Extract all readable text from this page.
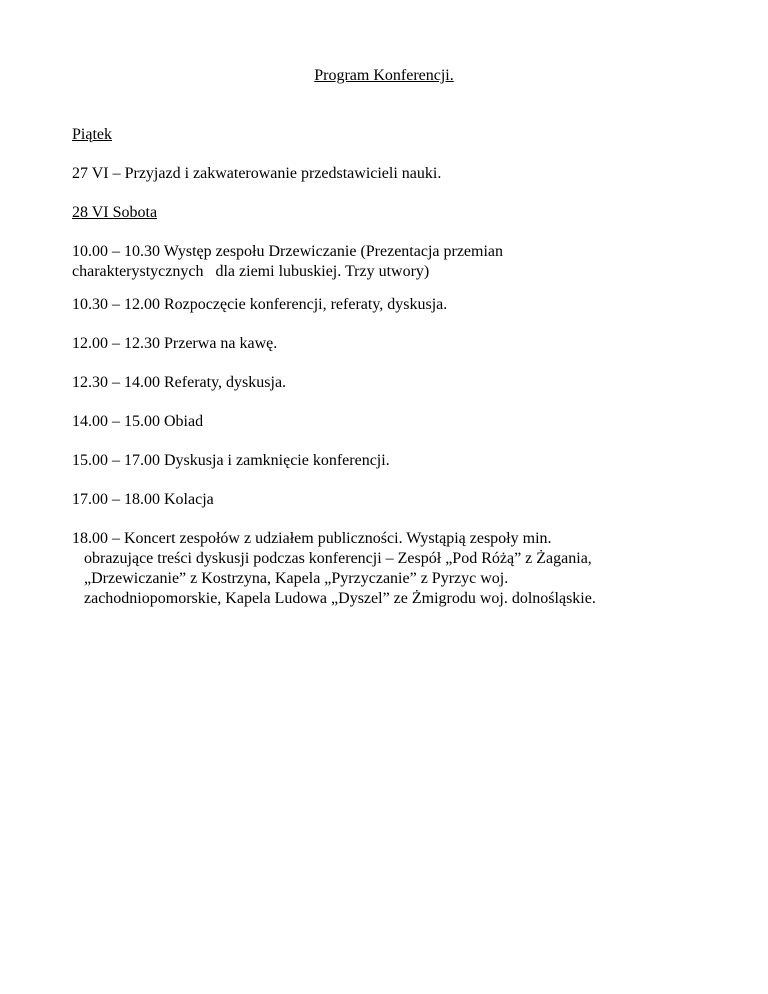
Program Konferencji.
Piątek
27 VI – Przyjazd i zakwaterowanie przedstawicieli nauki.
28 VI Sobota
10.00 – 10.30 Występ zespołu Drzewiczanie (Prezentacja przemian
charakterystycznych dla ziemi lubuskiej. Trzy utwory)
10.30 – 12.00 Rozpoczęcie konferencji, referaty, dyskusja.
12.00 – 12.30 Przerwa na kawę.
12.30 – 14.00 Referaty, dyskusja.
14.00 – 15.00 Obiad
15.00 – 17.00 Dyskusja i zamknięcie konferencji.
17.00 – 18.00 Kolacja
18.00 – Koncert zespołów z udziałem publiczności. Wystąpią zespoły min.
obrazujące treści dyskusji podczas konferencji – Zespół „Pod Różą” z Żagania,
„Drzewiczanie” z Kostrzyna, Kapela „Pyrzyczanie” z Pyrzyc woj.
zachodniopomorskie, Kapela Ludowa „Dyszel” ze Żmigrodu woj. dolnośląskie.
